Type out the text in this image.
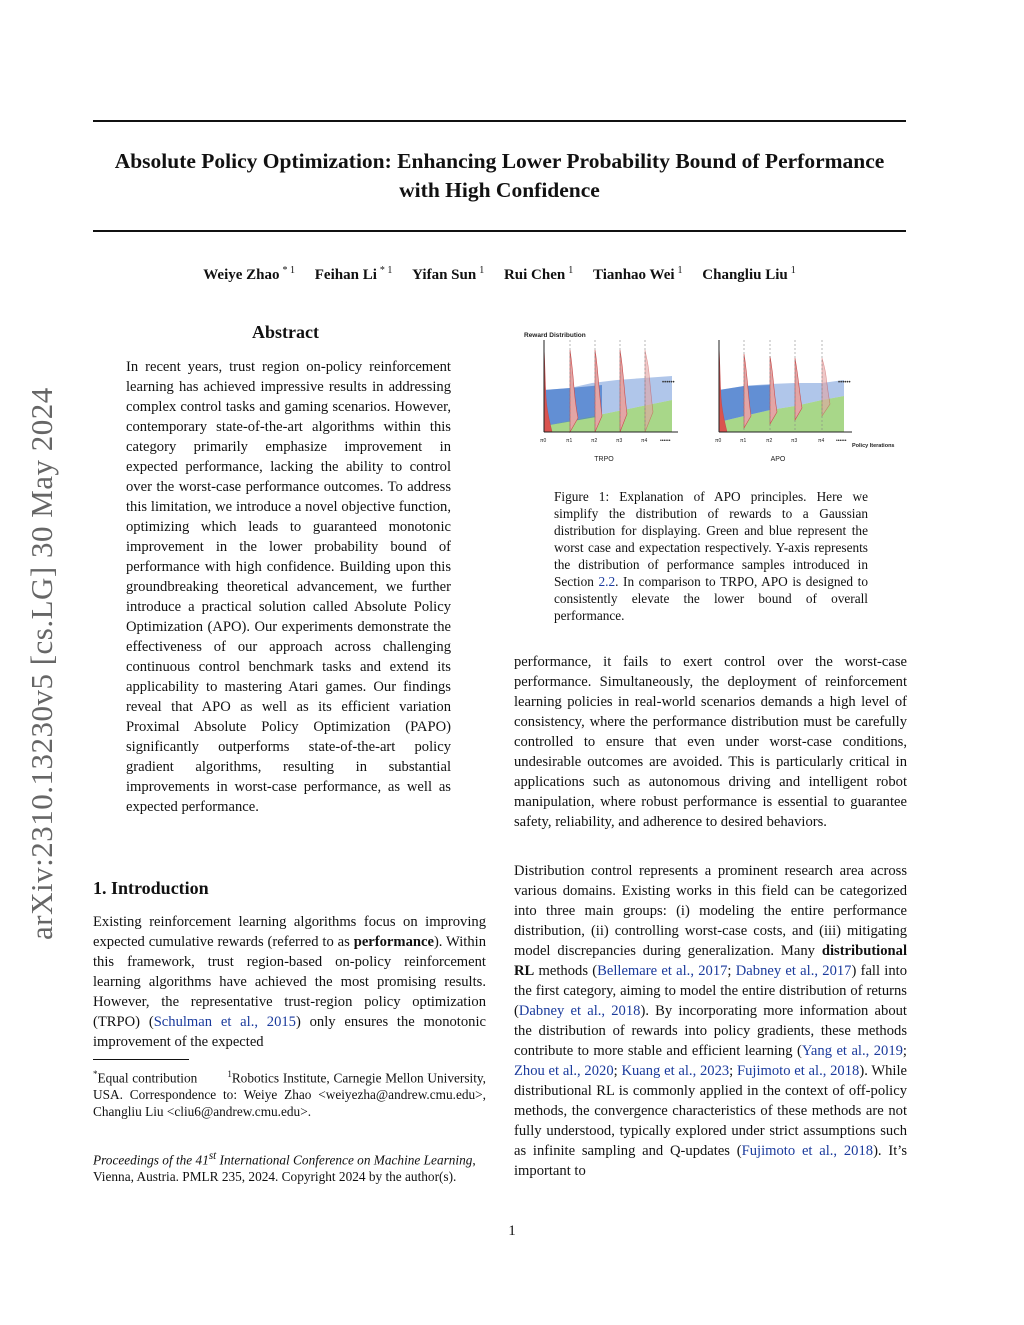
Absolute Policy Optimization: Enhancing Lower Probability Bound of Performance with High Confidence
Weiye Zhao $^{* 1}$ Feihan Li $^{* 1}$ Yifan Sun $^1$ Rui Chen $^1$ Tianhao Wei $^1$ Changliu Liu $^1$
arXiv:2310.13230v5 [cs.LG] 30 May 2024
Abstract
In recent years, trust region on-policy reinforcement learning has achieved impressive results in addressing complex control tasks and gaming scenarios. However, contemporary state-of-the-art algorithms within this category primarily emphasize improvement in expected performance, lacking the ability to control over the worst-case performance outcomes. To address this limitation, we introduce a novel objective function, optimizing which leads to guaranteed monotonic improvement in the lower probability bound of performance with high confidence. Building upon this groundbreaking theoretical advancement, we further introduce a practical solution called Absolute Policy Optimization (APO). Our experiments demonstrate the effectiveness of our approach across challenging continuous control benchmark tasks and extend its applicability to mastering Atari games. Our findings reveal that APO as well as its efficient variation Proximal Absolute Policy Optimization (PAPO) significantly outperforms state-of-the-art policy gradient algorithms, resulting in substantial improvements in worst-case performance, as well as expected performance.
1. Introduction
Existing reinforcement learning algorithms focus on improving expected cumulative rewards (referred to as performance). Within this framework, trust region-based on-policy reinforcement learning algorithms have achieved the most promising results. However, the representative trust-region policy optimization (TRPO) (Schulman et al., 2015) only ensures the monotonic improvement of the expected
*Equal contribution	$^1$Robotics Institute, Carnegie Mellon University, USA. Correspondence to: Weiye Zhao <weiyezha@andrew.cmu.edu>, Changliu Liu <cliu6@andrew.cmu.edu>.
Proceedings of the 41st International Conference on Machine Learning, Vienna, Austria. PMLR 235, 2024. Copyright 2024 by the author(s).
Reward Distribution
••••••
π0	π1	π2	π3	π4	••••••
TRPO
••••••
π0	π1	π2	π3	π4 ••••••
Policy Iterations
APO
Figure 1: Explanation of APO principles. Here we simplify the distribution of rewards to a Gaussian distribution for displaying. Green and blue represent the worst case and expectation respectively. Y-axis represents the distribution of performance samples introduced in Section 2.2. In comparison to TRPO, APO is designed to consistently elevate the lower bound of overall performance.
performance, it fails to exert control over the worst-case performance. Simultaneously, the deployment of reinforcement learning policies in real-world scenarios demands a high level of consistency, where the performance distribution must be carefully controlled to ensure that even under worst-case conditions, undesirable outcomes are avoided. This is particularly critical in applications such as autonomous driving and intelligent robot manipulation, where robust performance is essential to guarantee safety, reliability, and adherence to desired behaviors.
Distribution control represents a prominent research area across various domains. Existing works in this field can be categorized into three main groups: (i) modeling the entire performance distribution, (ii) controlling worst-case costs, and (iii) mitigating model discrepancies during generalization. Many distributional RL methods (Bellemare et al., 2017; Dabney et al., 2017) fall into the first category, aiming to model the entire distribution of returns (Dabney et al., 2018). By incorporating more information about the distribution of rewards into policy gradients, these methods contribute to more stable and efficient learning (Yang et al., 2019; Zhou et al., 2020; Kuang et al., 2023; Fujimoto et al., 2018). While distributional RL is commonly applied in the context of off-policy methods, the convergence characteristics of these methods are not fully understood, typically explored under strict assumptions such as infinite sampling and Q-updates (Fujimoto et al., 2018). It’s important to
1
